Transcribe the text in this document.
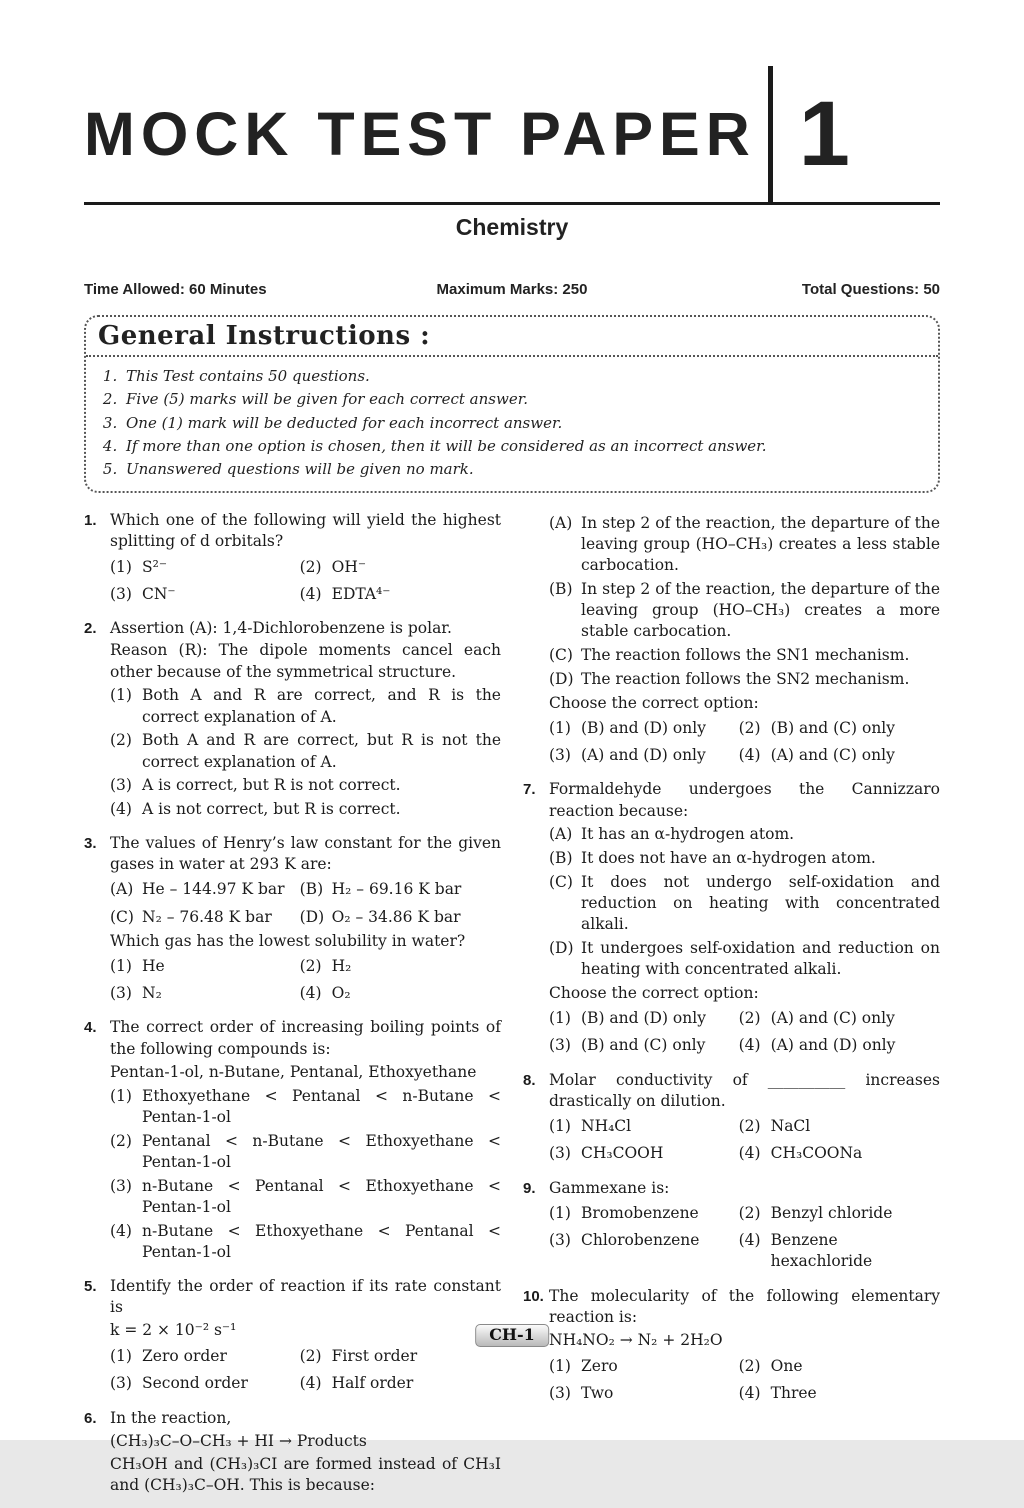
MOCK TEST PAPER 1
Chemistry
Time Allowed: 60 Minutes	Maximum Marks: 250	Total Questions: 50
General Instructions :
1. This Test contains 50 questions.
2. Five (5) marks will be given for each correct answer.
3. One (1) mark will be deducted for each incorrect answer.
4. If more than one option is chosen, then it will be considered as an incorrect answer.
5. Unanswered questions will be given no mark.
1. Which one of the following will yield the highest splitting of d orbitals?
(1) S²⁻	(2) OH⁻
(3) CN⁻	(4) EDTA⁴⁻
2. Assertion (A): 1,4-Dichlorobenzene is polar.
Reason (R): The dipole moments cancel each other because of the symmetrical structure.
(1) Both A and R are correct, and R is the correct explanation of A.
(2) Both A and R are correct, but R is not the correct explanation of A.
(3) A is correct, but R is not correct.
(4) A is not correct, but R is correct.
3. The values of Henry’s law constant for the given gases in water at 293 K are:
(A) He – 144.97 K bar (B) H₂ – 69.16 K bar
(C) N₂ – 76.48 K bar (D) O₂ – 34.86 K bar
Which gas has the lowest solubility in water?
(1) He	(2) H₂
(3) N₂	(4) O₂
4. The correct order of increasing boiling points of the following compounds is:
Pentan-1-ol, n-Butane, Pentanal, Ethoxyethane
(1) Ethoxyethane < Pentanal < n-Butane < Pentan-1-ol
(2) Pentanal < n-Butane < Ethoxyethane < Pentan-1-ol
(3) n-Butane < Pentanal < Ethoxyethane < Pentan-1-ol
(4) n-Butane < Ethoxyethane < Pentanal < Pentan-1-ol
5. Identify the order of reaction if its rate constant is
k = 2 × 10⁻² s⁻¹
(1) Zero order	(2) First order
(3) Second order	(4) Half order
6. In the reaction,
(CH₃)₃C–O–CH₃ + HI → Products
CH₃OH and (CH₃)₃CI are formed instead of CH₃I and (CH₃)₃C–OH. This is because:
(A) In step 2 of the reaction, the departure of the leaving group (HO–CH₃) creates a less stable carbocation.
(B) In step 2 of the reaction, the departure of the leaving group (HO–CH₃) creates a more stable carbocation.
(C) The reaction follows the SN1 mechanism.
(D) The reaction follows the SN2 mechanism.
Choose the correct option:
(1) (B) and (D) only (2) (B) and (C) only
(3) (A) and (D) only (4) (A) and (C) only
7. Formaldehyde undergoes the Cannizzaro reaction because:
(A) It has an α-hydrogen atom.
(B) It does not have an α-hydrogen atom.
(C) It does not undergo self-oxidation and reduction on heating with concentrated alkali.
(D) It undergoes self-oxidation and reduction on heating with concentrated alkali.
Choose the correct option:
(1) (B) and (D) only (2) (A) and (C) only
(3) (B) and (C) only (4) (A) and (D) only
8. Molar conductivity of __________ increases drastically on dilution.
(1) NH₄Cl	(2) NaCl
(3) CH₃COOH	(4) CH₃COONa
9. Gammexane is:
(1) Bromobenzene	(2) Benzyl chloride
(3) Chlorobenzene	(4) Benzene hexachloride
10. The molecularity of the following elementary reaction is:
NH₄NO₂ → N₂ + 2H₂O
(1) Zero	(2) One
(3) Two	(4) Three
CH-1
